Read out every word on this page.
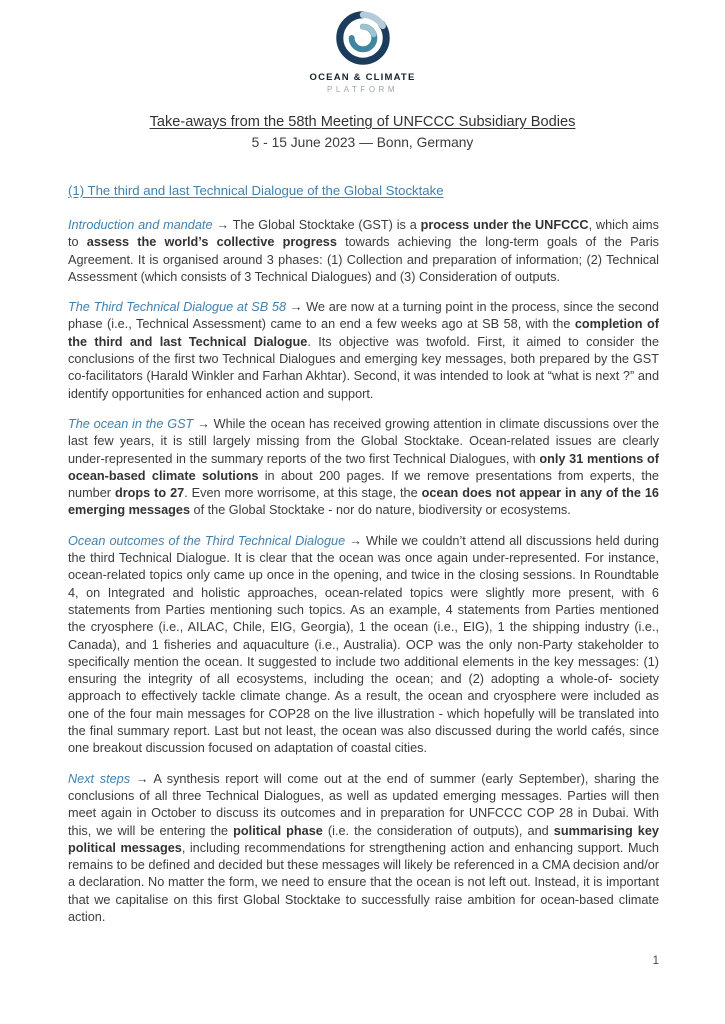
OCEAN & CLIMATE
PLATFORM
Take-aways from the 58th Meeting of UNFCCC Subsidiary Bodies
5 - 15 June 2023 — Bonn, Germany
(1) The third and last Technical Dialogue of the Global Stocktake

Introduction and mandate → The Global Stocktake (GST) is a process under the UNFCCC, which aims to assess the world’s collective progress towards achieving the long-term goals of the Paris Agreement. It is organised around 3 phases: (1) Collection and preparation of information; (2) Technical Assessment (which consists of 3 Technical Dialogues) and (3) Consideration of outputs.

The Third Technical Dialogue at SB 58 → We are now at a turning point in the process, since the second phase (i.e., Technical Assessment) came to an end a few weeks ago at SB 58, with the completion of the third and last Technical Dialogue. Its objective was twofold. First, it aimed to consider the conclusions of the first two Technical Dialogues and emerging key messages, both prepared by the GST co-facilitators (Harald Winkler and Farhan Akhtar). Second, it was intended to look at “what is next ?” and identify opportunities for enhanced action and support.

The ocean in the GST → While the ocean has received growing attention in climate discussions over the last few years, it is still largely missing from the Global Stocktake. Ocean-related issues are clearly under-represented in the summary reports of the two first Technical Dialogues, with only 31 mentions of ocean-based climate solutions in about 200 pages. If we remove presentations from experts, the number drops to 27. Even more worrisome, at this stage, the ocean does not appear in any of the 16 emerging messages of the Global Stocktake - nor do nature, biodiversity or ecosystems.

Ocean outcomes of the Third Technical Dialogue → While we couldn’t attend all discussions held during the third Technical Dialogue. It is clear that the ocean was once again under-represented. For instance, ocean-related topics only came up once in the opening, and twice in the closing sessions. In Roundtable 4, on Integrated and holistic approaches, ocean-related topics were slightly more present, with 6 statements from Parties mentioning such topics. As an example, 4 statements from Parties mentioned the cryosphere (i.e., AILAC, Chile, EIG, Georgia), 1 the ocean (i.e., EIG), 1 the shipping industry (i.e., Canada), and 1 fisheries and aquaculture (i.e., Australia). OCP was the only non-Party stakeholder to specifically mention the ocean. It suggested to include two additional elements in the key messages: (1) ensuring the integrity of all ecosystems, including the ocean; and (2) adopting a whole-of- society approach to effectively tackle climate change. As a result, the ocean and cryosphere were included as one of the four main messages for COP28 on the live illustration - which hopefully will be translated into the final summary report. Last but not least, the ocean was also discussed during the world cafés, since one breakout discussion focused on adaptation of coastal cities.

Next steps → A synthesis report will come out at the end of summer (early September), sharing the conclusions of all three Technical Dialogues, as well as updated emerging messages. Parties will then meet again in October to discuss its outcomes and in preparation for UNFCCC COP 28 in Dubai. With this, we will be entering the political phase (i.e. the consideration of outputs), and summarising key political messages, including recommendations for strengthening action and enhancing support. Much remains to be defined and decided but these messages will likely be referenced in a CMA decision and/or a declaration. No matter the form, we need to ensure that the ocean is not left out. Instead, it is important that we capitalise on this first Global Stocktake to successfully raise ambition for ocean-based climate action.

1
